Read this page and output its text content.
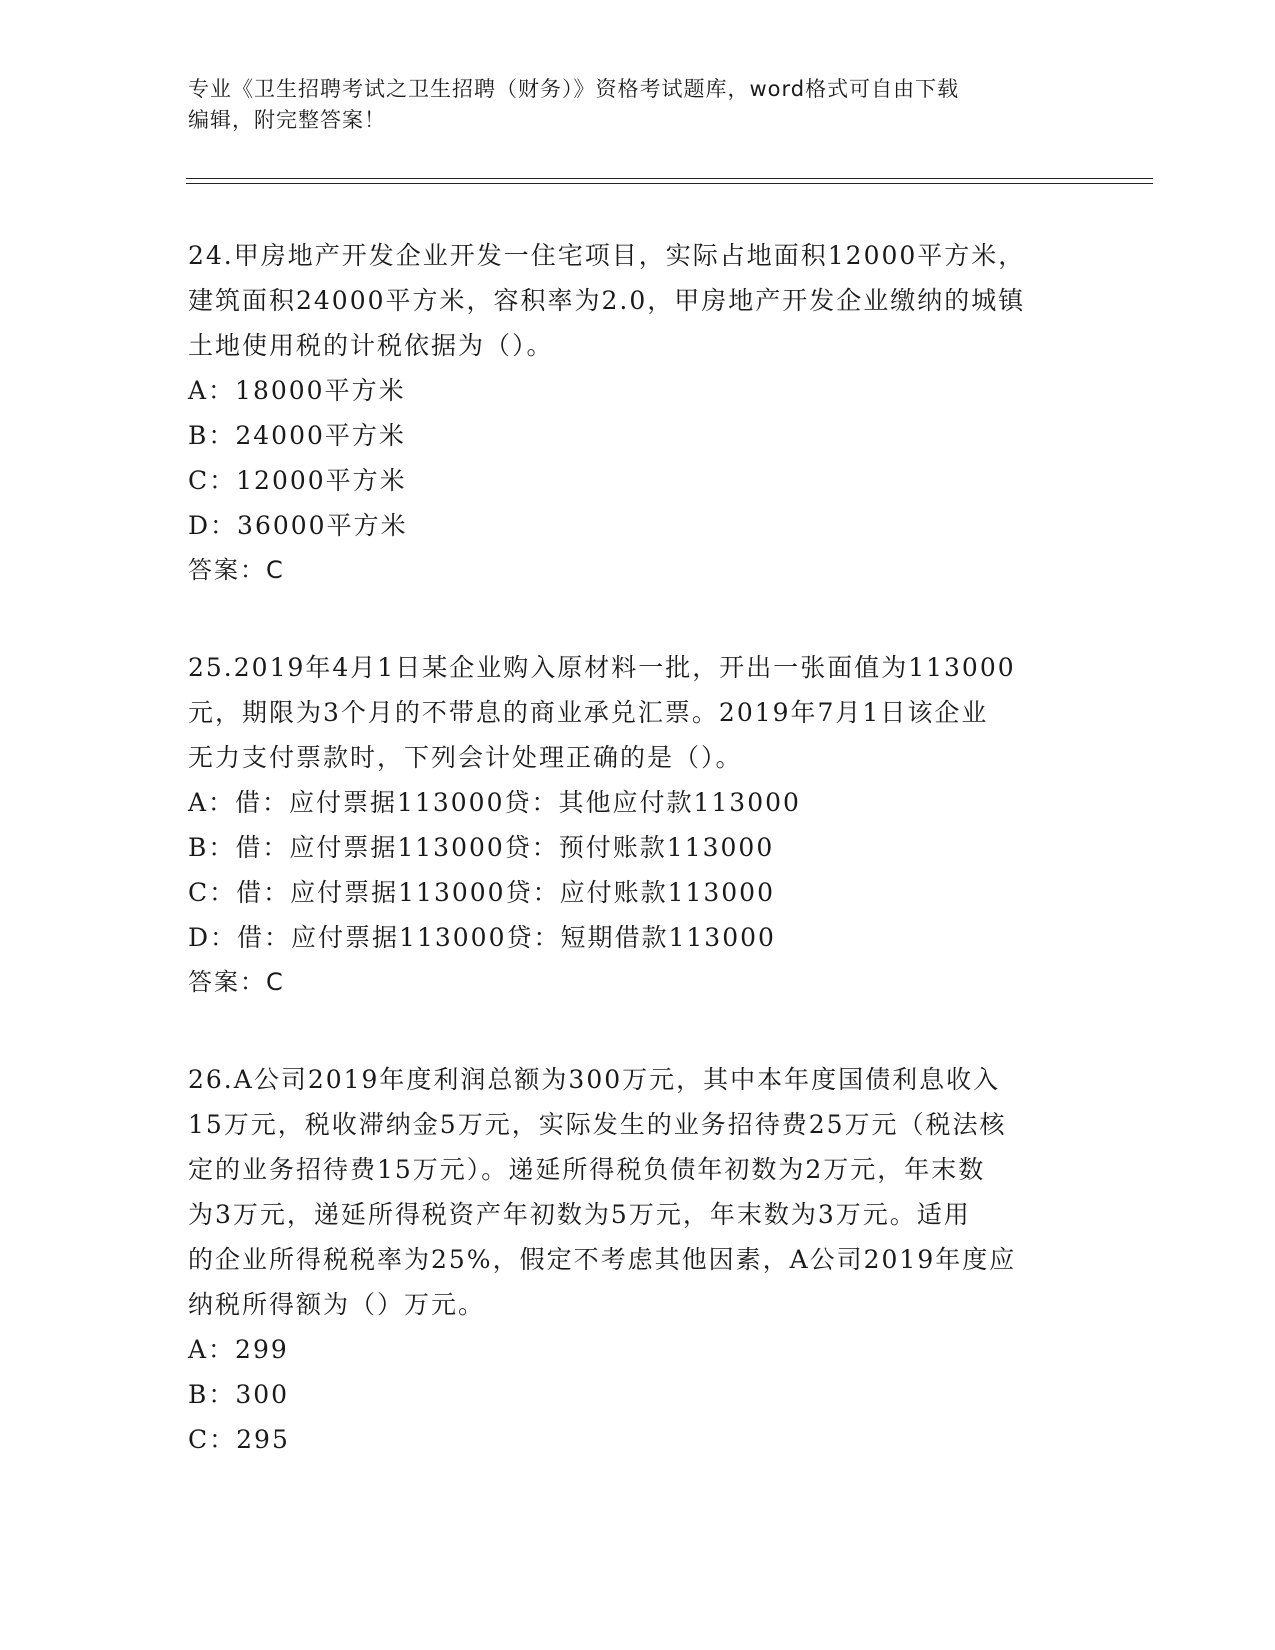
专业《卫生招聘考试之卫生招聘（财务）》资格考试题库，word格式可自由下载
编辑，附完整答案！

24.甲房地产开发企业开发一住宅项目，实际占地面积12000平方米，

建筑面积24000平方米，容积率为2.0，甲房地产开发企业缴纳的城镇

土地使用税的计税依据为（）。

A：18000平方米

B：24000平方米

C：12000平方米

D：36000平方米

答案：C

25.2019年4月1日某企业购入原材料一批，开出一张面值为113000

元，期限为3个月的不带息的商业承兑汇票。2019年7月1日该企业

无力支付票款时，下列会计处理正确的是（）。

A：借：应付票据113000贷：其他应付款113000

B：借：应付票据113000贷：预付账款113000

C：借：应付票据113000贷：应付账款113000

D：借：应付票据113000贷：短期借款113000

答案：C

26.A公司2019年度利润总额为300万元，其中本年度国债利息收入

15万元，税收滞纳金5万元，实际发生的业务招待费25万元（税法核

定的业务招待费15万元）。递延所得税负债年初数为2万元，年末数

为3万元，递延所得税资产年初数为5万元，年末数为3万元。适用

的企业所得税税率为25%，假定不考虑其他因素，A公司2019年度应

纳税所得额为（）万元。

A：299

B：300

C：295
